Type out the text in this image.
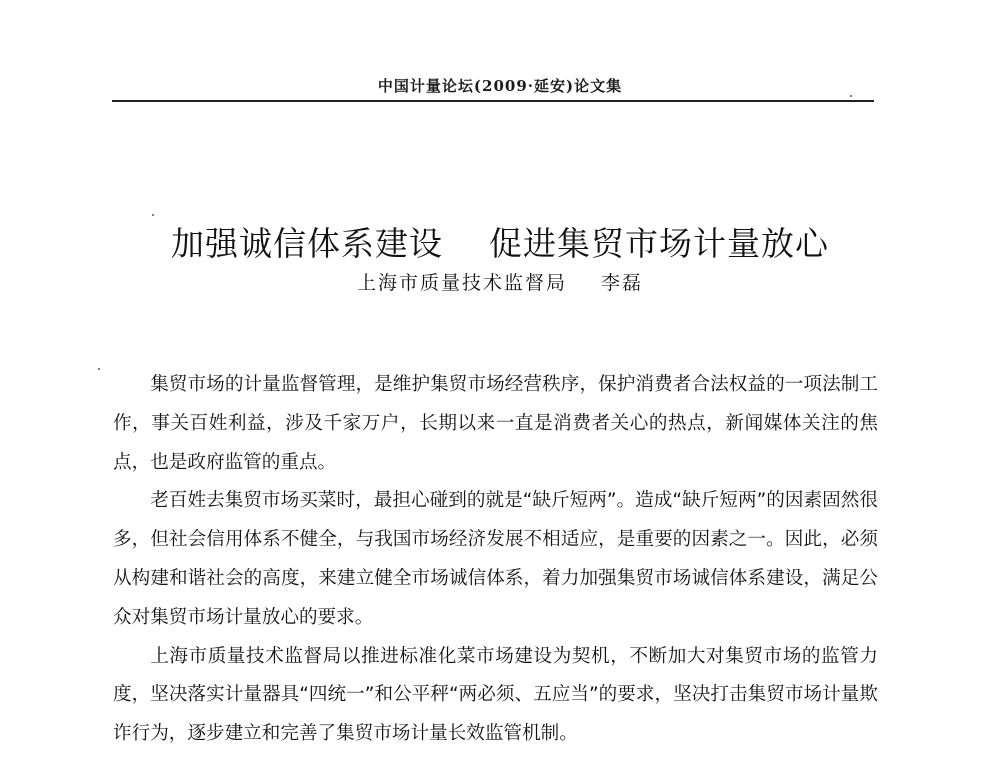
中国计量论坛(2009·延安)论文集
加强诚信体系建设 促进集贸市场计量放心
上海市质量技术监督局 李磊

集贸市场的计量监督管理，是维护集贸市场经营秩序，保护消费者合法权益的一项法制工作，事关百姓利益，涉及千家万户，长期以来一直是消费者关心的热点，新闻媒体关注的焦点，也是政府监管的重点。

老百姓去集贸市场买菜时，最担心碰到的就是“缺斤短两”。造成“缺斤短两”的因素固然很多，但社会信用体系不健全，与我国市场经济发展不相适应，是重要的因素之一。因此，必须从构建和谐社会的高度，来建立健全市场诚信体系，着力加强集贸市场诚信体系建设，满足公众对集贸市场计量放心的要求。

上海市质量技术监督局以推进标准化菜市场建设为契机，不断加大对集贸市场的监管力度，坚决落实计量器具“四统一”和公平秤“两必须、五应当”的要求，坚决打击集贸市场计量欺诈行为，逐步建立和完善了集贸市场计量长效监管机制。
